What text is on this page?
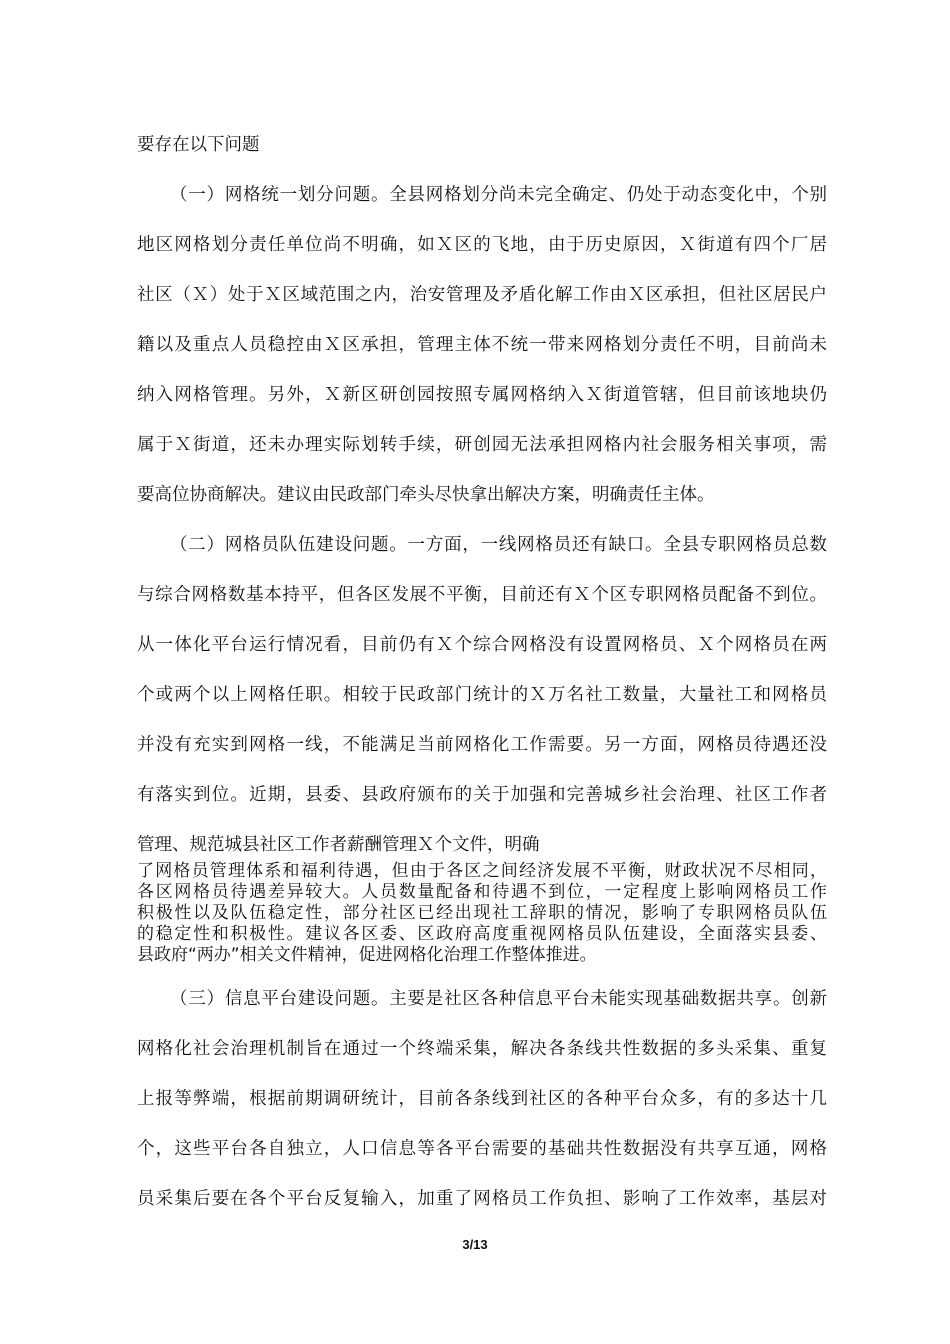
要存在以下问题
（一）网格统一划分问题。全县网格划分尚未完全确定、仍处于动态变化中，个别
地区网格划分责任单位尚不明确，如Ｘ区的飞地，由于历史原因，Ｘ街道有四个厂居
社区（Ｘ）处于Ｘ区域范围之内，治安管理及矛盾化解工作由Ｘ区承担，但社区居民户
籍以及重点人员稳控由Ｘ区承担，管理主体不统一带来网格划分责任不明，目前尚未
纳入网格管理。另外，Ｘ新区研创园按照专属网格纳入Ｘ街道管辖，但目前该地块仍
属于Ｘ街道，还未办理实际划转手续，研创园无法承担网格内社会服务相关事项，需
要高位协商解决。建议由民政部门牵头尽快拿出解决方案，明确责任主体。
（二）网格员队伍建设问题。一方面，一线网格员还有缺口。全县专职网格员总数
与综合网格数基本持平，但各区发展不平衡，目前还有Ｘ个区专职网格员配备不到位。
从一体化平台运行情况看，目前仍有Ｘ个综合网格没有设置网格员、Ｘ个网格员在两
个或两个以上网格任职。相较于民政部门统计的Ｘ万名社工数量，大量社工和网格员
并没有充实到网格一线，不能满足当前网格化工作需要。另一方面，网格员待遇还没
有落实到位。近期，县委、县政府颁布的关于加强和完善城乡社会治理、社区工作者
管理、规范城县社区工作者薪酬管理Ｘ个文件，明确
了网格员管理体系和福利待遇，但由于各区之间经济发展不平衡，财政状况不尽相同，
各区网格员待遇差异较大。人员数量配备和待遇不到位，一定程度上影响网格员工作
积极性以及队伍稳定性，部分社区已经出现社工辞职的情况，影响了专职网格员队伍
的稳定性和积极性。建议各区委、区政府高度重视网格员队伍建设，全面落实县委、
县政府“两办”相关文件精神，促进网格化治理工作整体推进。
（三）信息平台建设问题。主要是社区各种信息平台未能实现基础数据共享。创新
网格化社会治理机制旨在通过一个终端采集，解决各条线共性数据的多头采集、重复
上报等弊端，根据前期调研统计，目前各条线到社区的各种平台众多，有的多达十几
个，这些平台各自独立，人口信息等各平台需要的基础共性数据没有共享互通，网格
员采集后要在各个平台反复输入，加重了网格员工作负担、影响了工作效率，基层对
3/13
